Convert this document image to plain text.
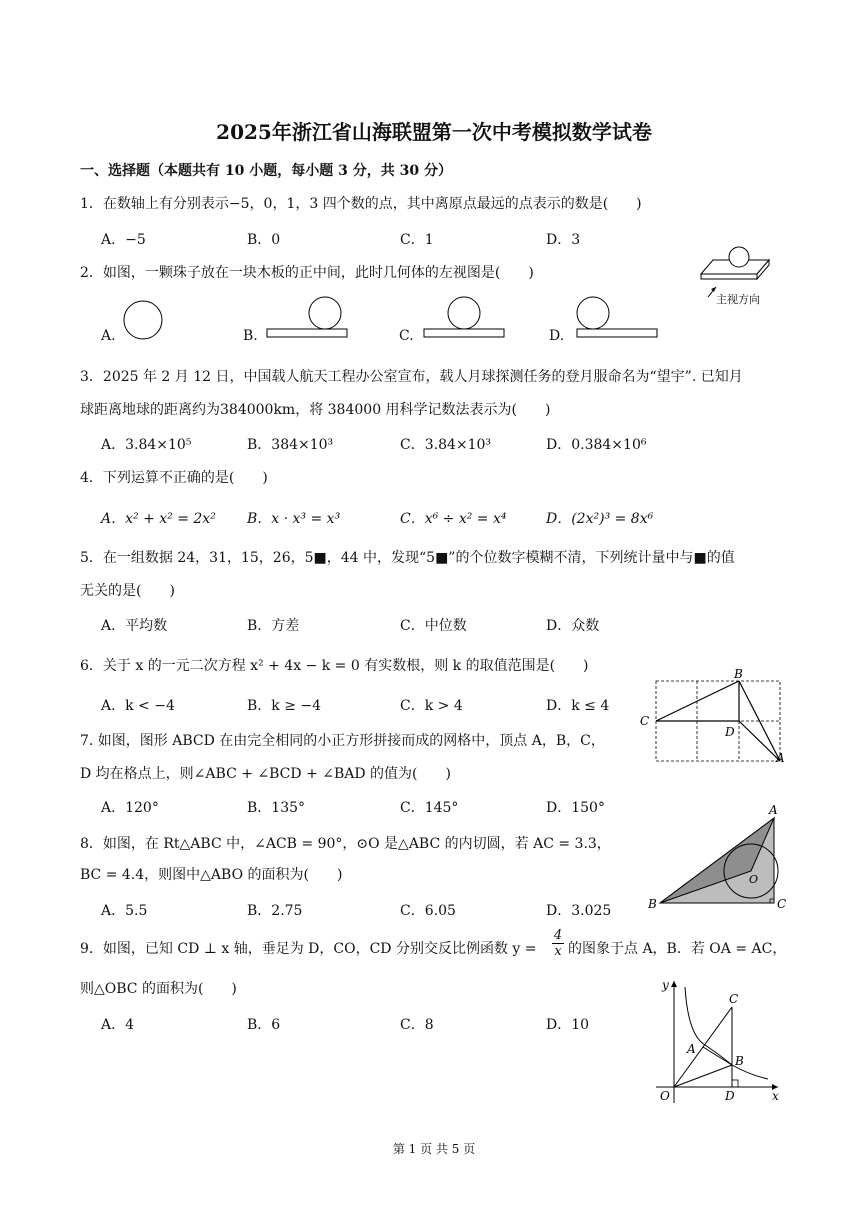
2025年浙江省山海联盟第一次中考模拟数学试卷
一、选择题（本题共有 10 小题，每小题 3 分，共 30 分）
1．在数轴上有分别表示−5，0，1，3 四个数的点，其中离原点最远的点表示的数是(　　)
A．−5	B．0	C．1	D．3
2．如图，一颗珠子放在一块木板的正中间，此时几何体的左视图是(　　)
主视方向
A.	B.	C.	D.
3．2025 年 2 月 12 日，中国载人航天工程办公室宣布，载人月球探测任务的登月服命名为“望宇”. 已知月
球距离地球的距离约为384000km，将 384000 用科学记数法表示为(　　)
A．3.84×10⁵	B．384×10³	C．3.84×10³	D．0.384×10⁶
4．下列运算不正确的是(　　)
A．x² + x² = 2x² B．x · x³ = x³	C．x⁶ ÷ x² = x⁴	D．(2x²)³ = 8x⁶
5．在一组数据 24，31，15，26，5■，44 中，发现“5■”的个位数字模糊不清，下列统计量中与■的值
无关的是(　　)
A．平均数	B．方差	C．中位数	D．众数
6．关于 x 的一元二次方程 x² + 4x − k = 0 有实数根，则 k 的取值范围是(　　)
A．k < −4	B．k ≥ −4	C．k > 4	D．k ≤ 4
A
B
C
D
7. 如图，图形 ABCD 在由完全相同的小正方形拼接而成的网格中，顶点 A，B，C，
D 均在格点上，则∠ABC + ∠BCD + ∠BAD 的值为(　　)
A．120°	B．135°	C．145°	D．150°	A
B	C
O
8．如图，在 Rt△ABC 中，∠ACB = 90°，⊙O 是△ABC 的内切圆，若 AC = 3.3，
BC = 4.4，则图中△ABO 的面积为(　　)
A．5.5	B．2.75	C．6.05	D．3.025
9．如图，已知 CD ⊥ x 轴，垂足为 D，CO，CD 分别交反比例函数 $y = \frac{4}{x}$ 的图象于点 A，B．若 OA = AC，
则△OBC 的面积为(　　)
A．4	B．6	C．8	D．10
y
C
A
B
O	D	x
第 1 页 共 5 页
